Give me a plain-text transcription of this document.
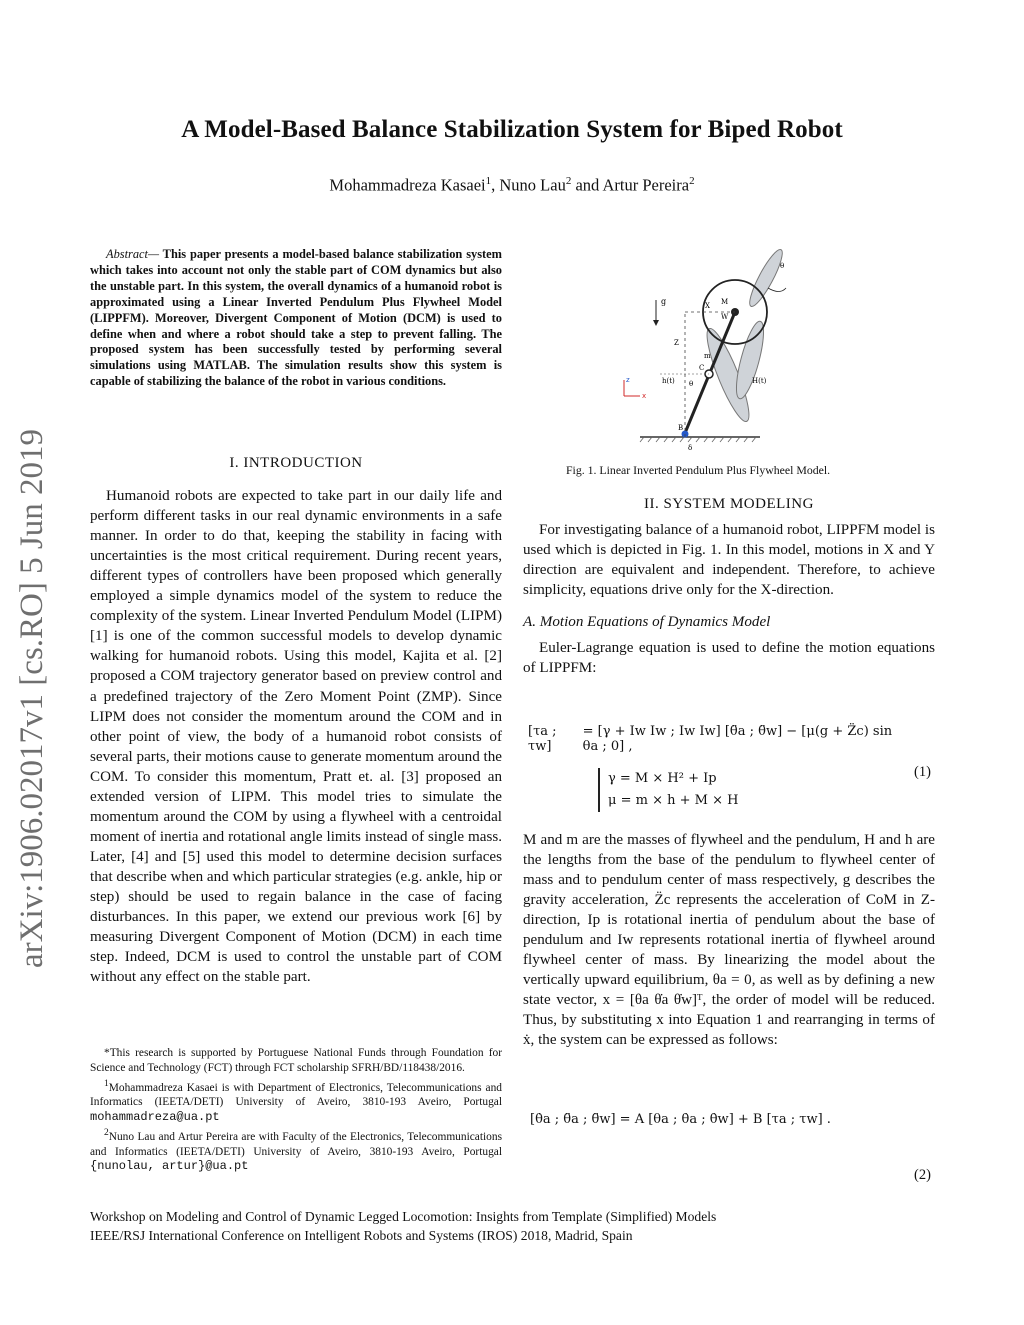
arXiv:1906.02017v1 [cs.RO] 5 Jun 2019
A Model-Based Balance Stabilization System for Biped Robot
Mohammadreza Kasaei$^1$, Nuno Lau$^2$ and Artur Pereira$^2$
Abstract— This paper presents a model-based balance stabilization system which takes into account not only the stable part of COM dynamics but also the unstable part. In this system, the overall dynamics of a humanoid robot is approximated using a Linear Inverted Pendulum Plus Flywheel Model (LIPPFM). Moreover, Divergent Component of Motion (DCM) is used to define when and where a robot should take a step to prevent falling. The proposed system has been successfully tested by performing several simulations using MATLAB. The simulation results show this system is capable of stabilizing the balance of the robot in various conditions.
I. INTRODUCTION

Humanoid robots are expected to take part in our daily life and perform different tasks in our real dynamic environments in a safe manner. In order to do that, keeping the stability in facing with uncertainties is the most critical requirement. During recent years, different types of controllers have been proposed which generally employed a simple dynamics model of the system to reduce the complexity of the system. Linear Inverted Pendulum Model (LIPM) [1] is one of the common successful models to develop dynamic walking for humanoid robots. Using this model, Kajita et al. [2] proposed a COM trajectory generator based on preview control and a predefined trajectory of the Zero Moment Point (ZMP). Since LIPM does not consider the momentum around the COM and in other point of view, the body of a humanoid robot consists of several parts, their motions cause to generate momentum around the COM. To consider this momentum, Pratt et. al. [3] proposed an extended version of LIPM. This model tries to simulate the momentum around the COM by using a flywheel with a centroidal moment of inertia and rotational angle limits instead of single mass. Later, [4] and [5] used this model to determine decision surfaces that describe when and which particular strategies (e.g. ankle, hip or step) should be used to regain balance in the case of facing disturbances. In this paper, we extend our previous work [6] by measuring Divergent Component of Motion (DCM) in each time step. Indeed, DCM is used to control the unstable part of COM without any effect on the stable part.

*This research is supported by Portuguese National Funds through Foundation for Science and Technology (FCT) through FCT scholarship SFRH/BD/118438/2016.

$^1$Mohammadreza Kasaei is with Department of Electronics, Telecommunications and Informatics (IEETA/DETI) University of Aveiro, 3810-193 Aveiro, Portugal mohammadreza@ua.pt

$^2$Nuno Lau and Artur Pereira are with Faculty of the Electronics, Telecommunications and Informatics (IEETA/DETI) University of Aveiro, 3810-193 Aveiro, Portugal {nunolau, artur}@ua.pt

Workshop on Modeling and Control of Dynamic Legged Locomotion: Insights from Template (Simplified) Models
IEEE/RSJ International Conference on Intelligent Robots and Systems (IROS) 2018, Madrid, Spain
g
z
x
Z
h(t)	H(t)
m
C
M
W
X
B
δ
θ
θ
Fig. 1. Linear Inverted Pendulum Plus Flywheel Model.
II. SYSTEM MODELING

For investigating balance of a humanoid robot, LIPPFM model is used which is depicted in Fig. 1. In this model, motions in X and Y direction are equivalent and independent. Therefore, to achieve simplicity, equations drive only for the X-direction.

A. Motion Equations of Dynamics Model

Euler-Lagrange equation is used to define the motion equations of LIPPFM:

[τa ; τw]
= [γ + Iw Iw ; Iw Iw] [θ̈a ; θ̈w] − [μ(g + Z̈c) sin θa ; 0] ,
γ = M × H² + Ip
μ = m × h + M × H
(1)

M and m are the masses of flywheel and the pendulum, H and h are the lengths from the base of the pendulum to flywheel center of mass and to pendulum center of mass respectively, g describes the gravity acceleration, Z̈c represents the acceleration of CoM in Z-direction, Ip is rotational inertia of pendulum about the base of pendulum and Iw represents rotational inertia of flywheel around flywheel center of mass. By linearizing the model about the vertically upward equilibrium, θa = 0, as well as by defining a new state vector, x = [θa θ̇a θ̇w]ᵀ, the order of model will be reduced. Thus, by substituting x into Equation 1 and rearranging in terms of ẋ, the system can be expressed as follows:

[θ̇a ; θ̈a ; θ̈w] = A [θa ; θ̇a ; θ̇w] + B [τa ; τw] .
(2)
